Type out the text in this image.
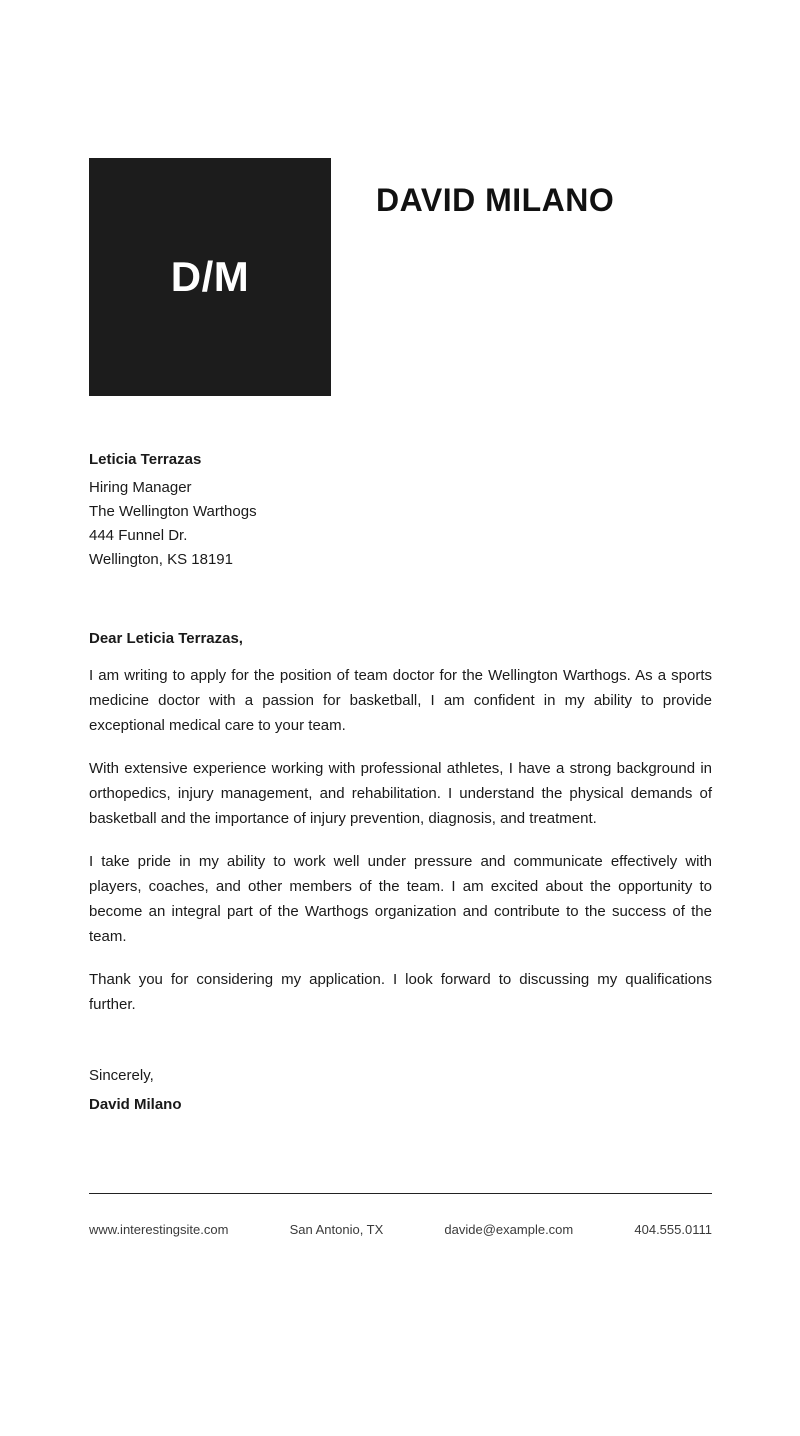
D/M
DAVID MILANO
Leticia Terrazas
Hiring Manager
The Wellington Warthogs
444 Funnel Dr.
Wellington, KS 18191

Dear Leticia Terrazas,

I am writing to apply for the position of team doctor for the Wellington Warthogs. As a sports medicine doctor with a passion for basketball, I am confident in my ability to provide exceptional medical care to your team.

With extensive experience working with professional athletes, I have a strong background in orthopedics, injury management, and rehabilitation. I understand the physical demands of basketball and the importance of injury prevention, diagnosis, and treatment.

I take pride in my ability to work well under pressure and communicate effectively with players, coaches, and other members of the team. I am excited about the opportunity to become an integral part of the Warthogs organization and contribute to the success of the team.

Thank you for considering my application. I look forward to discussing my qualifications further.

Sincerely,

David Milano

www.interestingsite.com	San Antonio, TX	davide@example.com	404.555.0111
